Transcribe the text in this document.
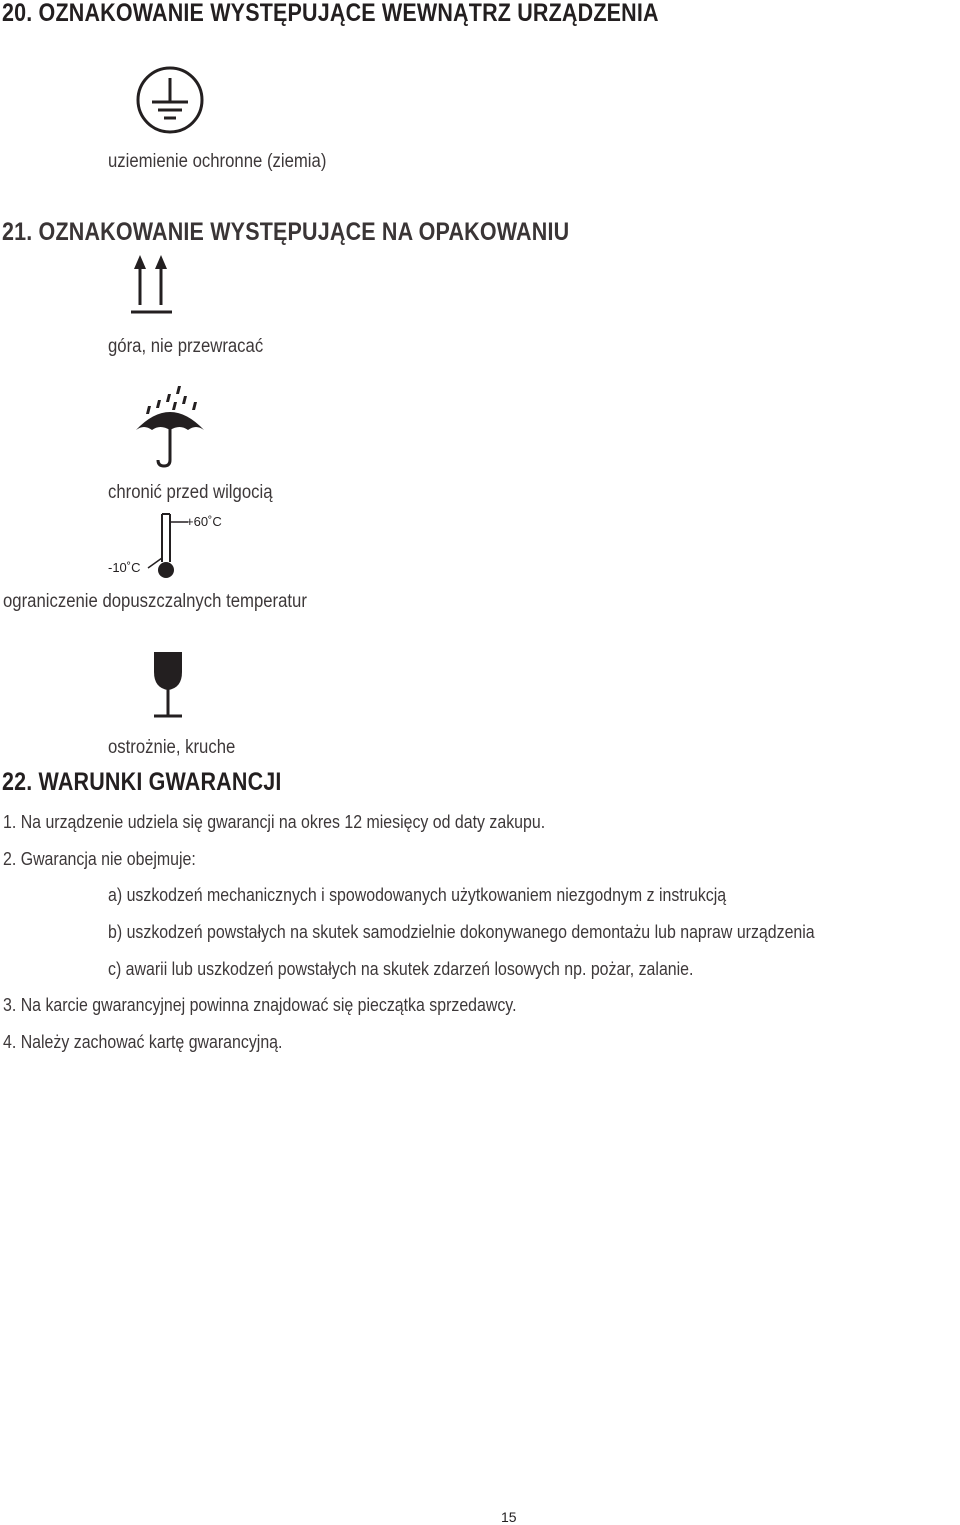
20. OZNAKOWANIE WYSTĘPUJĄCE WEWNĄTRZ URZĄDZENIA
uziemienie ochronne (ziemia)
21. OZNAKOWANIE WYSTĘPUJĄCE NA OPAKOWANIU
góra, nie przewracać
chronić przed wilgocią
+60˚C
-10˚C
ograniczenie dopuszczalnych temperatur
ostrożnie, kruche
22. WARUNKI GWARANCJI
1. Na urządzenie udziela się gwarancji na okres 12 miesięcy od daty zakupu.
2. Gwarancja nie obejmuje:
a) uszkodzeń mechanicznych i spowodowanych użytkowaniem niezgodnym z instrukcją
b) uszkodzeń powstałych na skutek samodzielnie dokonywanego demontażu lub napraw urządzenia
c) awarii lub uszkodzeń powstałych na skutek zdarzeń losowych np. pożar, zalanie.
3. Na karcie gwarancyjnej powinna znajdować się pieczątka sprzedawcy.
4. Należy zachować kartę gwarancyjną.
15
